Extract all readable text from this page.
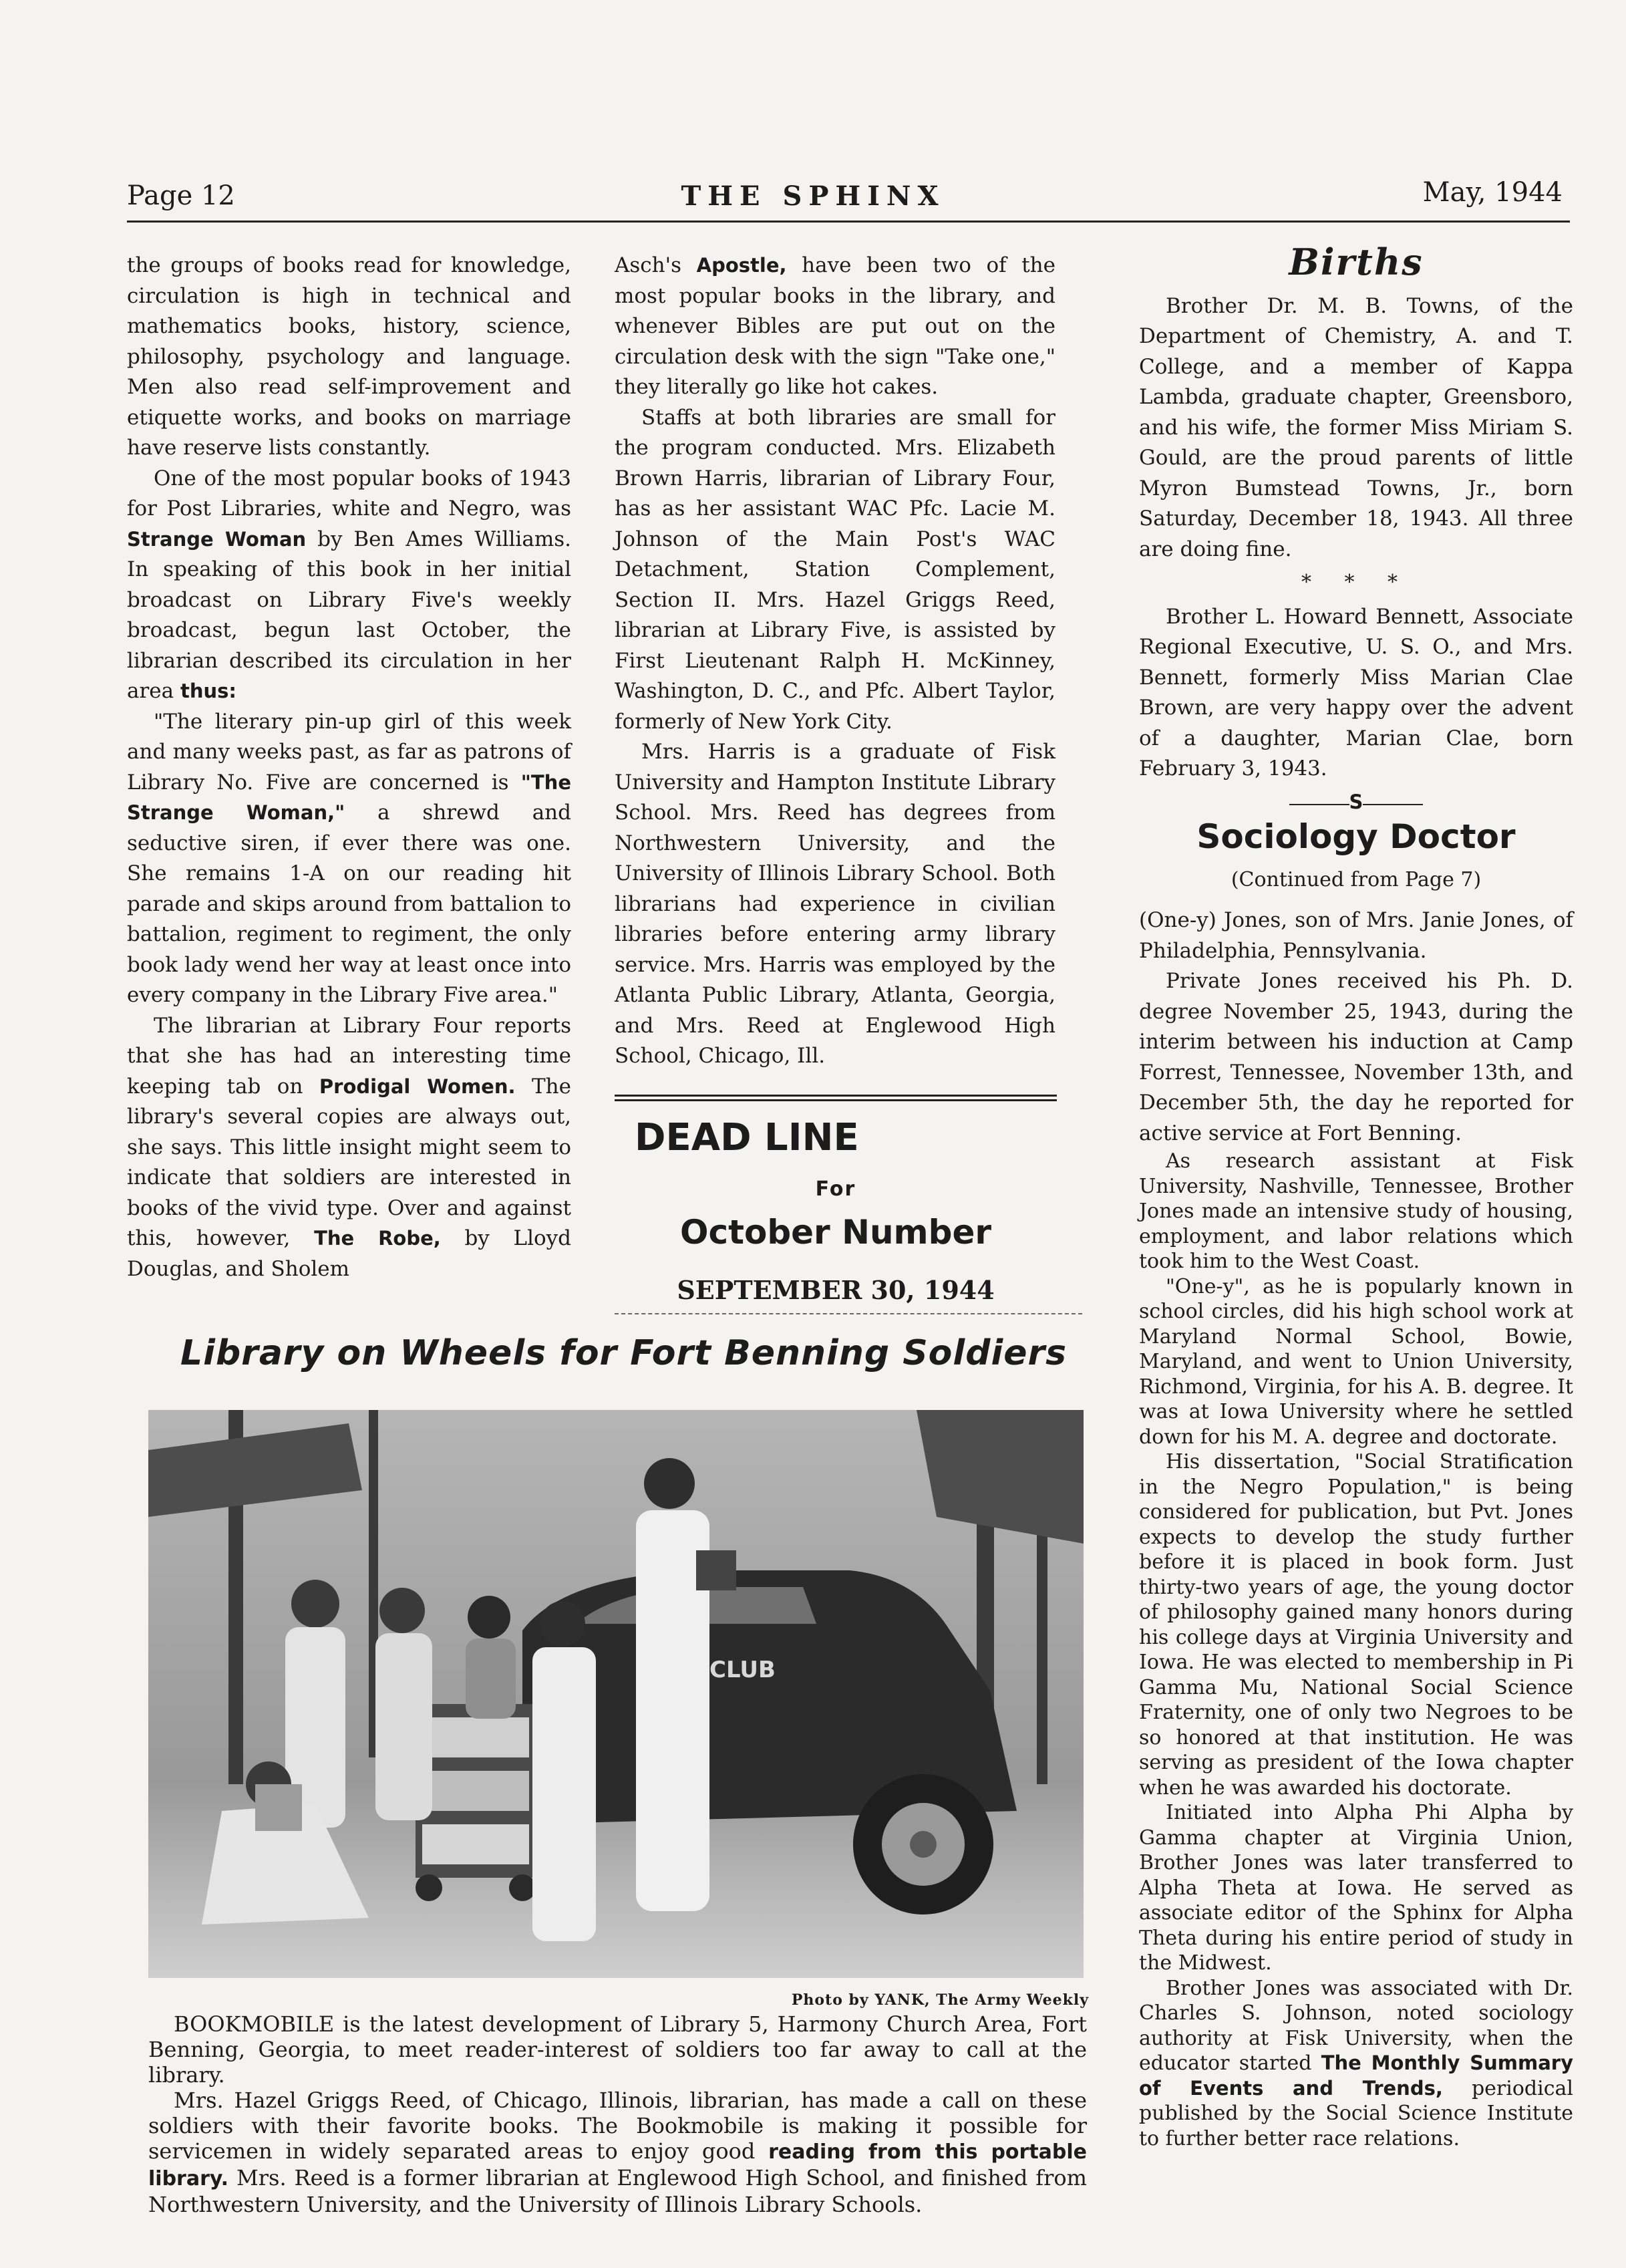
Page 12	THE SPHINX	May, 1944

the groups of books read for knowledge, circulation is high in technical and mathematics books, history, science, philosophy, psychology and language. Men also read self-improvement and etiquette works, and books on marriage have reserve lists constantly.

One of the most popular books of 1943 for Post Libraries, white and Negro, was Strange Woman by Ben Ames Williams. In speaking of this book in her initial broadcast on Library Five's weekly broadcast, begun last October, the librarian described its circulation in her area thus:

"The literary pin-up girl of this week and many weeks past, as far as patrons of Library No. Five are concerned is "The Strange Woman," a shrewd and seductive siren, if ever there was one. She remains 1-A on our reading hit parade and skips around from battalion to battalion, regiment to regiment, the only book lady wend her way at least once into every company in the Library Five area."

The librarian at Library Four reports that she has had an interesting time keeping tab on Prodigal Women. The library's several copies are always out, she says. This little insight might seem to indicate that soldiers are interested in books of the vivid type. Over and against this, however, The Robe, by Lloyd Douglas, and Sholem

Asch's Apostle, have been two of the most popular books in the library, and whenever Bibles are put out on the circulation desk with the sign "Take one," they literally go like hot cakes.

Staffs at both libraries are small for the program conducted. Mrs. Elizabeth Brown Harris, librarian of Library Four, has as her assistant WAC Pfc. Lacie M. Johnson of the Main Post's WAC Detachment, Station Complement, Section II. Mrs. Hazel Griggs Reed, librarian at Library Five, is assisted by First Lieutenant Ralph H. McKinney, Washington, D. C., and Pfc. Albert Taylor, formerly of New York City.

Mrs. Harris is a graduate of Fisk University and Hampton Institute Library School. Mrs. Reed has degrees from Northwestern University, and the University of Illinois Library School. Both librarians had experience in civilian libraries before entering army library service. Mrs. Harris was employed by the Atlanta Public Library, Atlanta, Georgia, and Mrs. Reed at Englewood High School, Chicago, Ill.

DEAD LINE
For
October Number
SEPTEMBER 30, 1944
Births

Brother Dr. M. B. Towns, of the Department of Chemistry, A. and T. College, and a member of Kappa Lambda, graduate chapter, Greensboro, and his wife, the former Miss Miriam S. Gould, are the proud parents of little Myron Bumstead Towns, Jr., born Saturday, December 18, 1943. All three are doing fine.

* * *

Brother L. Howard Bennett, Associate Regional Executive, U. S. O., and Mrs. Bennett, formerly Miss Marian Clae Brown, are very happy over the advent of a daughter, Marian Clae, born February 3, 1943.

S
Sociology Doctor
(Continued from Page 7)

(One-y) Jones, son of Mrs. Janie Jones, of Philadelphia, Pennsylvania.

Private Jones received his Ph. D. degree November 25, 1943, during the interim between his induction at Camp Forrest, Tennessee, November 13th, and December 5th, the day he reported for active service at Fort Benning.

As research assistant at Fisk University, Nashville, Tennessee, Brother Jones made an intensive study of housing, employment, and labor relations which took him to the West Coast.

"One-y", as he is popularly known in school circles, did his high school work at Maryland Normal School, Bowie, Maryland, and went to Union University, Richmond, Virginia, for his A. B. degree. It was at Iowa University where he settled down for his M. A. degree and doctorate.

His dissertation, "Social Stratification in the Negro Population," is being considered for publication, but Pvt. Jones expects to develop the study further before it is placed in book form. Just thirty-two years of age, the young doctor of philosophy gained many honors during his college days at Virginia University and Iowa. He was elected to membership in Pi Gamma Mu, National Social Science Fraternity, one of only two Negroes to be so honored at that institution. He was serving as president of the Iowa chapter when he was awarded his doctorate.

Initiated into Alpha Phi Alpha by Gamma chapter at Virginia Union, Brother Jones was later transferred to Alpha Theta at Iowa. He served as associate editor of the Sphinx for Alpha Theta during his entire period of study in the Midwest.

Brother Jones was associated with Dr. Charles S. Johnson, noted sociology authority at Fisk University, when the educator started The Monthly Summary of Events and Trends, periodical published by the Social Science Institute to further better race relations.

Library on Wheels for Fort Benning Soldiers
CLUB
Photo by YANK, The Army Weekly

BOOKMOBILE is the latest development of Library 5, Harmony Church Area, Fort Benning, Georgia, to meet reader-interest of soldiers too far away to call at the library.

Mrs. Hazel Griggs Reed, of Chicago, Illinois, librarian, has made a call on these soldiers with their favorite books. The Bookmobile is making it possible for servicemen in widely separated areas to enjoy good reading from this portable library. Mrs. Reed is a former librarian at Englewood High School, and finished from Northwestern University, and the University of Illinois Library Schools.
